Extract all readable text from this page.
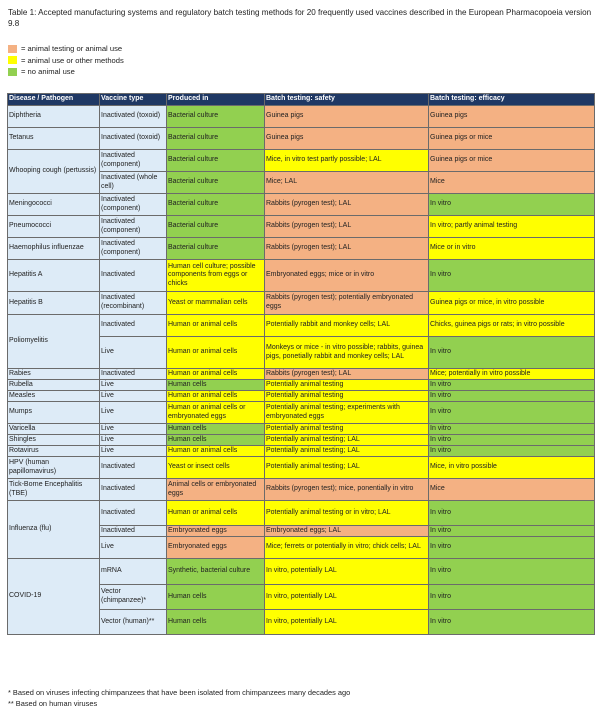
Table 1: Accepted manufacturing systems and regulatory batch testing methods for 20 frequently used vaccines described in the European Pharmacopoeia version 9.8
= animal testing or animal use
= animal use or other methods
= no animal use
Disease / Pathogen	Vaccine type	Produced in	Batch testing: safety	Batch testing: efficacy
Diphtheria	Inactivated (toxoid)	Bacterial culture	Guinea pigs	Guinea pigs
Tetanus	Inactivated (toxoid)	Bacterial culture	Guinea pigs	Guinea pigs or mice
Whooping cough (pertussis)	Inactivated (component)	Bacterial culture	Mice, in vitro test partly possible; LAL	Guinea pigs or mice
	Inactivated (whole cell)	Bacterial culture	Mice; LAL	Mice
Meningococci	Inactivated (component)	Bacterial culture	Rabbits (pyrogen test); LAL	In vitro
Pneumococci	Inactivated (component)	Bacterial culture	Rabbits (pyrogen test); LAL	In vitro; partly animal testing
Haemophilus influenzae	Inactivated (component)	Bacterial culture	Rabbits (pyrogen test); LAL	Mice or in vitro
Hepatitis A	Inactivated	Human cell culture; possible components from eggs or chicks	Embryonated eggs; mice or in vitro	In vitro
Hepatitis B	Inactivated (recombinant)	Yeast or mammalian cells	Rabbits (pyrogen test); potentially embryonated eggs	Guinea pigs or mice, in vitro possible
Poliomyelitis	Inactivated	Human or animal cells	Potentially rabbit and monkey cells; LAL	Chicks, guinea pigs or rats; in vitro possible
	Live	Human or animal cells	Monkeys or mice - in vitro possible; rabbits, guinea pigs, ponetially rabbit and monkey cells; LAL	In vitro
Rabies	Inactivated	Human or animal cells	Rabbits (pyrogen test); LAL	Mice; potentially in vitro possible
Rubella	Live	Human cells	Potentially animal testing	In vitro
Measles	Live	Human or animal cells	Potentially animal testing	In vitro
Mumps	Live	Human or animal cells or embryonated eggs	Potentially animal testing; experiments with embryonated eggs	In vitro
Varicella	Live	Human cells	Potentially animal testing	In vitro
Shingles	Live	Human cells	Potentially animal testing; LAL	In vitro
Rotavirus	Live	Human or animal cells	Potentially animal testing; LAL	In vitro
HPV (human papillomavirus)	Inactivated	Yeast or insect cells	Potentially animal testing; LAL	Mice, in vitro possible
Tick-Borne Encephalitis (TBE)	Inactivated	Animal cells or embryonated eggs	Rabbits (pyrogen test); mice, ponentially in vitro	Mice
Influenza (flu)	Inactivated	Human or animal cells	Potentially animal testing or in vitro; LAL	In vitro
	Inactivated	Embryonated eggs	Embryonated eggs; LAL	In vitro
	Live	Embryonated eggs	Mice; ferrets or potentially in vitro; chick cells; LAL	In vitro
COVID-19	mRNA	Synthetic, bacterial culture	In vitro, potentially LAL	In vitro
	Vector (chimpanzee)*	Human cells	In vitro, potentially LAL	In vitro
	Vector (human)**	Human cells	In vitro, potentially LAL	In vitro
* Based on viruses infecting chimpanzees that have been isolated from chimpanzees many decades ago
** Based on human viruses
